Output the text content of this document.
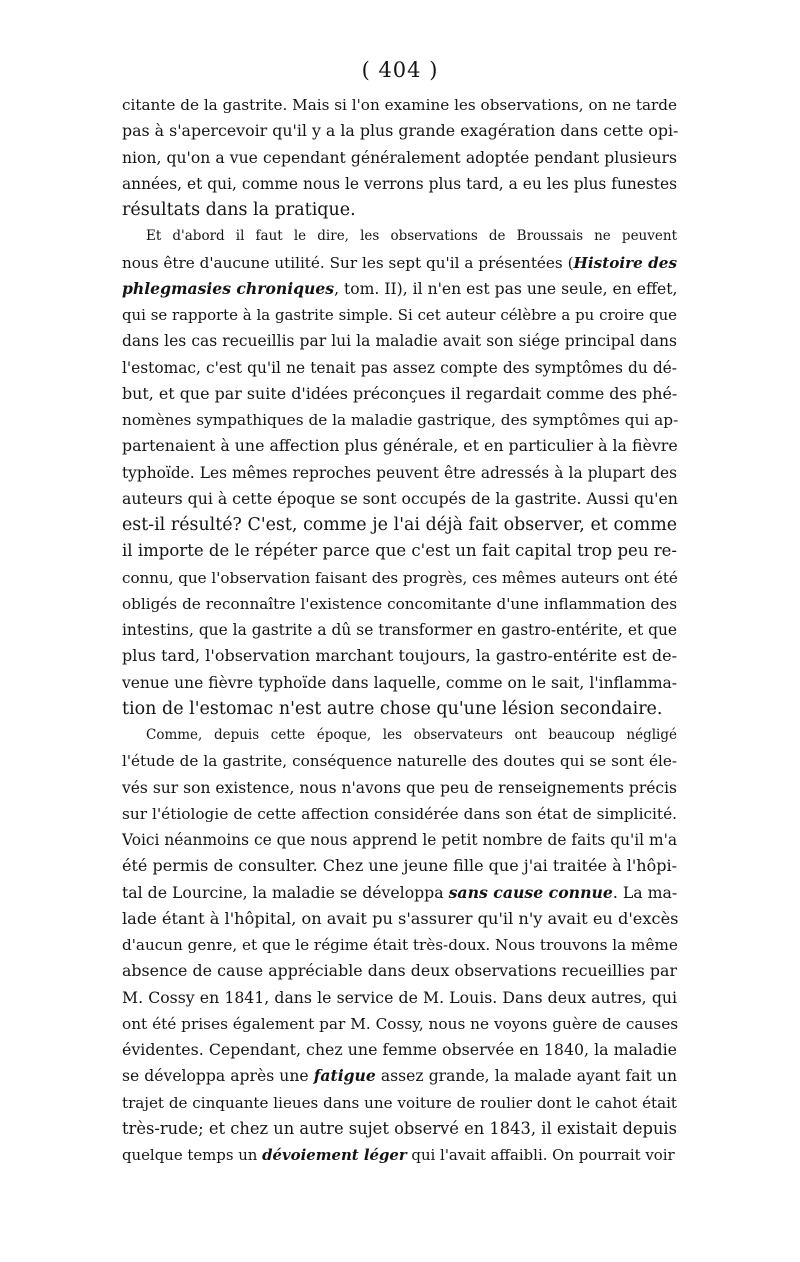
( 404 )
citante de la gastrite. Mais si l'on examine les observations, on ne tarde
pas à s'apercevoir qu'il y a la plus grande exagération dans cette opi-
nion, qu'on a vue cependant généralement adoptée pendant plusieurs
années, et qui, comme nous le verrons plus tard, a eu les plus funestes
résultats dans la pratique.
Et d'abord il faut le dire, les observations de Broussais ne peuvent
nous être d'aucune utilité. Sur les sept qu'il a présentées (Histoire des
phlegmasies chroniques, tom. II), il n'en est pas une seule, en effet,
qui se rapporte à la gastrite simple. Si cet auteur célèbre a pu croire que
dans les cas recueillis par lui la maladie avait son siége principal dans
l'estomac, c'est qu'il ne tenait pas assez compte des symptômes du dé-
but, et que par suite d'idées préconçues il regardait comme des phé-
nomènes sympathiques de la maladie gastrique, des symptômes qui ap-
partenaient à une affection plus générale, et en particulier à la fièvre
typhoïde. Les mêmes reproches peuvent être adressés à la plupart des
auteurs qui à cette époque se sont occupés de la gastrite. Aussi qu'en
est-il résulté? C'est, comme je l'ai déjà fait observer, et comme
il importe de le répéter parce que c'est un fait capital trop peu re-
connu, que l'observation faisant des progrès, ces mêmes auteurs ont été
obligés de reconnaître l'existence concomitante d'une inflammation des
intestins, que la gastrite a dû se transformer en gastro-entérite, et que
plus tard, l'observation marchant toujours, la gastro-entérite est de-
venue une fièvre typhoïde dans laquelle, comme on le sait, l'inflamma-
tion de l'estomac n'est autre chose qu'une lésion secondaire.
Comme, depuis cette époque, les observateurs ont beaucoup négligé
l'étude de la gastrite, conséquence naturelle des doutes qui se sont éle-
vés sur son existence, nous n'avons que peu de renseignements précis
sur l'étiologie de cette affection considérée dans son état de simplicité.
Voici néanmoins ce que nous apprend le petit nombre de faits qu'il m'a
été permis de consulter. Chez une jeune fille que j'ai traitée à l'hôpi-
tal de Lourcine, la maladie se développa sans cause connue. La ma-
lade étant à l'hôpital, on avait pu s'assurer qu'il n'y avait eu d'excès
d'aucun genre, et que le régime était très-doux. Nous trouvons la même
absence de cause appréciable dans deux observations recueillies par
M. Cossy en 1841, dans le service de M. Louis. Dans deux autres, qui
ont été prises également par M. Cossy, nous ne voyons guère de causes
évidentes. Cependant, chez une femme observée en 1840, la maladie
se développa après une fatigue assez grande, la malade ayant fait un
trajet de cinquante lieues dans une voiture de roulier dont le cahot était
très-rude; et chez un autre sujet observé en 1843, il existait depuis
quelque temps un dévoiement léger qui l'avait affaibli. On pourrait voir
